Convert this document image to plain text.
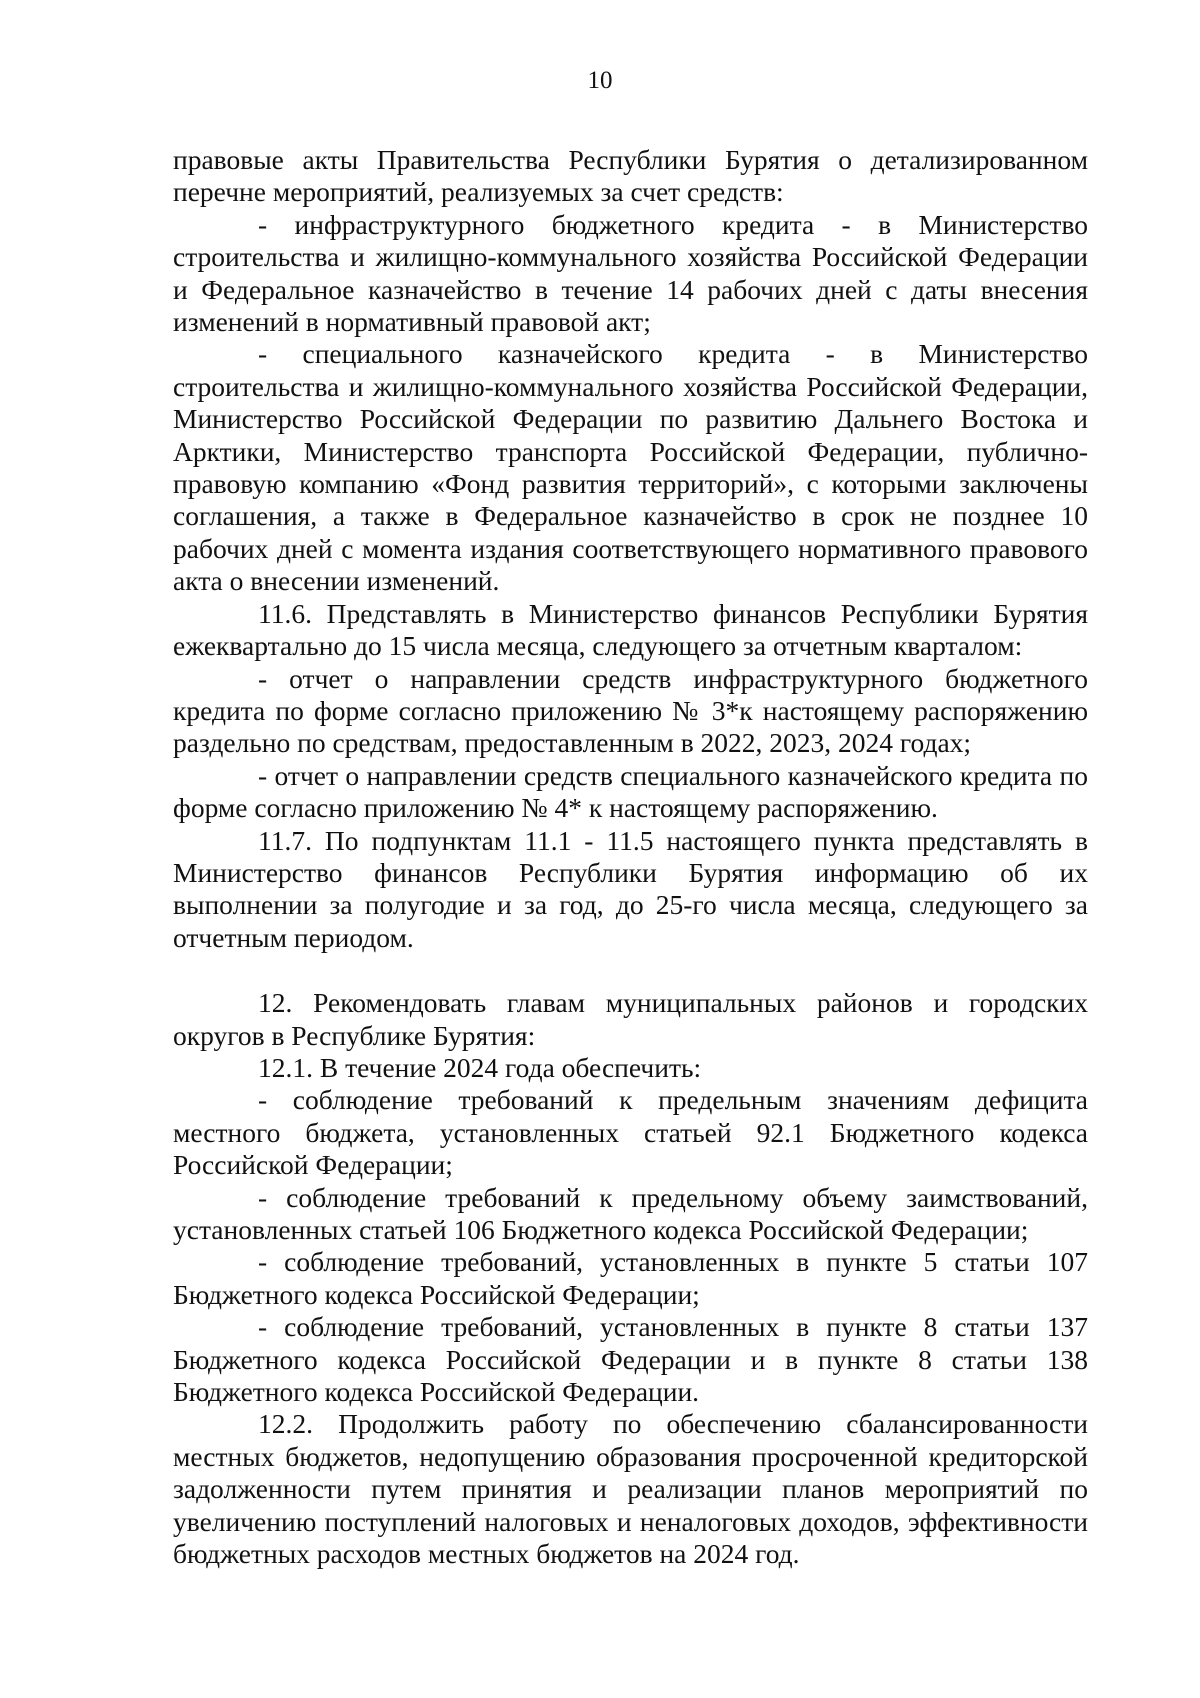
10

правовые акты Правительства Республики Бурятия о детализированном перечне мероприятий, реализуемых за счет средств:

- инфраструктурного бюджетного кредита - в Министерство строительства и жилищно-коммунального хозяйства Российской Федерации и Федеральное казначейство в течение 14 рабочих дней с даты внесения изменений в нормативный правовой акт;

- специального казначейского кредита - в Министерство строительства и жилищно-коммунального хозяйства Российской Федерации, Министерство Российской Федерации по развитию Дальнего Востока и Арктики, Министерство транспорта Российской Федерации, публично-правовую компанию «Фонд развития территорий», с которыми заключены соглашения, а также в Федеральное казначейство в срок не позднее 10 рабочих дней с момента издания соответствующего нормативного правового акта о внесении изменений.

11.6. Представлять в Министерство финансов Республики Бурятия ежеквартально до 15 числа месяца, следующего за отчетным кварталом:

- отчет о направлении средств инфраструктурного бюджетного кредита по форме согласно приложению № 3*к настоящему распоряжению раздельно по средствам, предоставленным в 2022, 2023, 2024 годах;

- отчет о направлении средств специального казначейского кредита по форме согласно приложению № 4* к настоящему распоряжению.

11.7. По подпунктам 11.1 - 11.5 настоящего пункта представлять в Министерство финансов Республики Бурятия информацию об их выполнении за полугодие и за год, до 25-го числа месяца, следующего за отчетным периодом.

12. Рекомендовать главам муниципальных районов и городских округов в Республике Бурятия:

12.1. В течение 2024 года обеспечить:

- соблюдение требований к предельным значениям дефицита местного бюджета, установленных статьей 92.1 Бюджетного кодекса Российской Федерации;

- соблюдение требований к предельному объему заимствований, установленных статьей 106 Бюджетного кодекса Российской Федерации;

- соблюдение требований, установленных в пункте 5 статьи 107 Бюджетного кодекса Российской Федерации;

- соблюдение требований, установленных в пункте 8 статьи 137 Бюджетного кодекса Российской Федерации и в пункте 8 статьи 138 Бюджетного кодекса Российской Федерации.

12.2. Продолжить работу по обеспечению сбалансированности местных бюджетов, недопущению образования просроченной кредиторской задолженности путем принятия и реализации планов мероприятий по увеличению поступлений налоговых и неналоговых доходов, эффективности бюджетных расходов местных бюджетов на 2024 год.
